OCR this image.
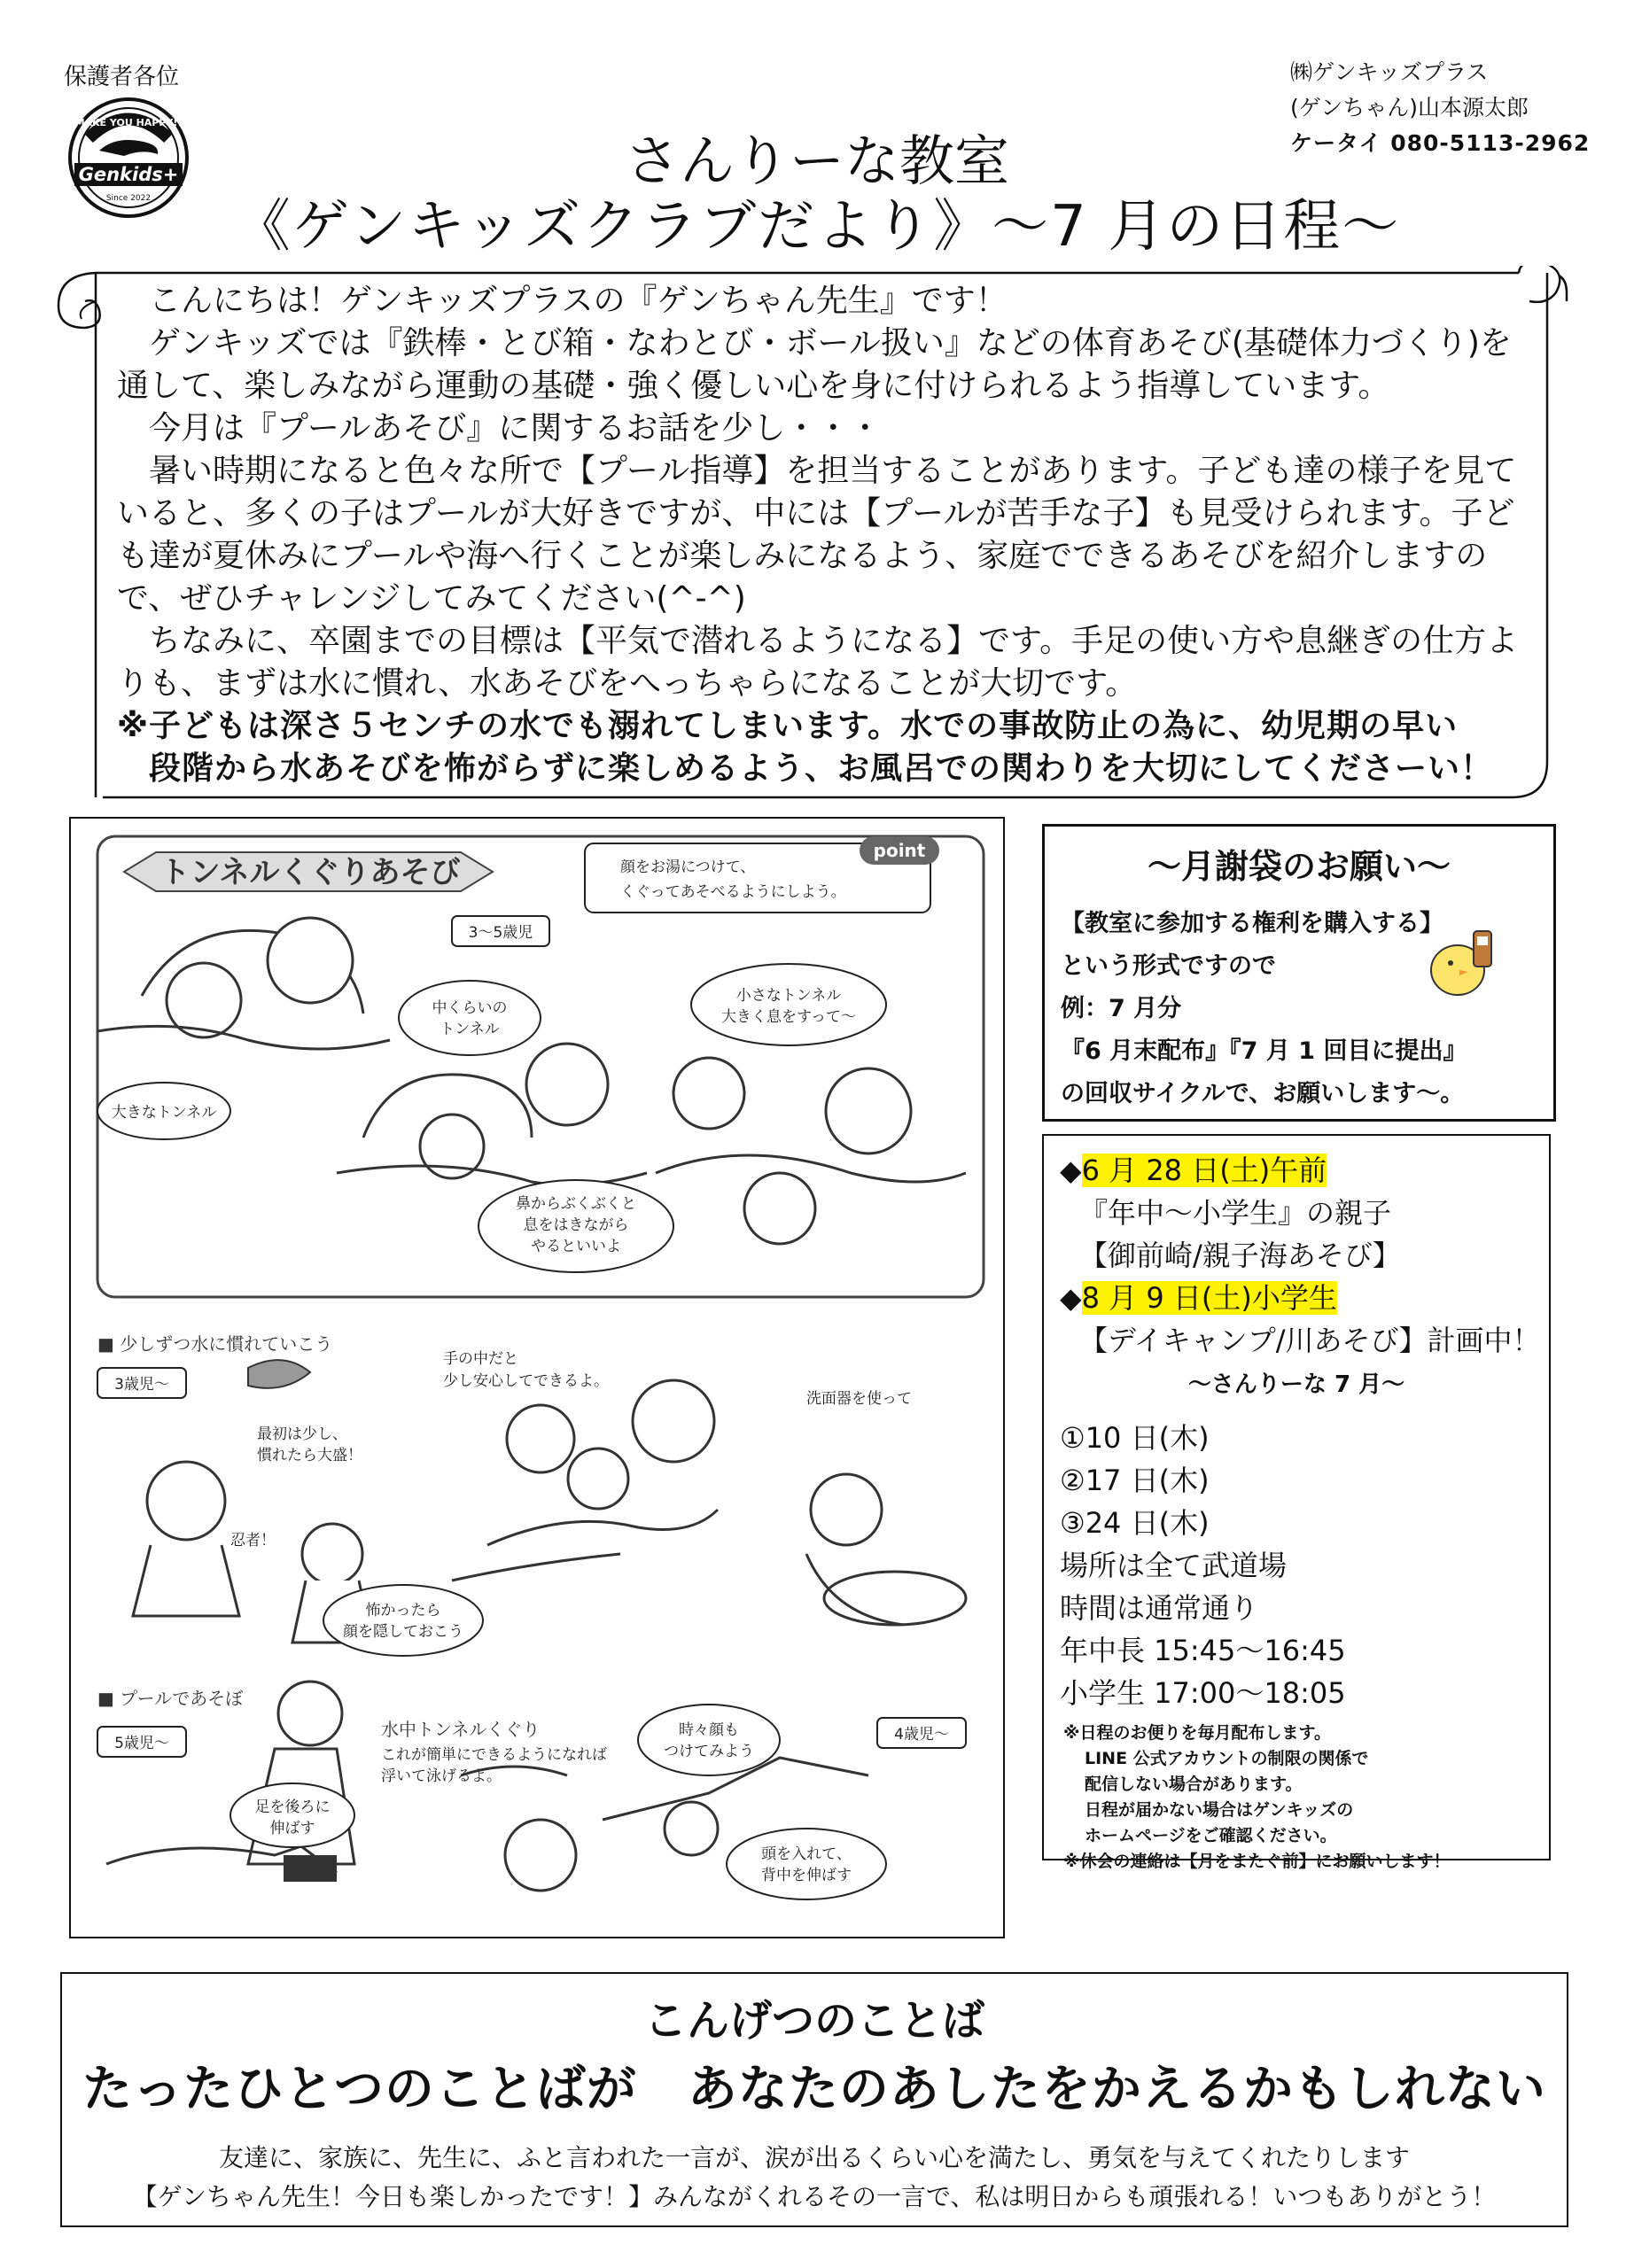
保護者各位
MAKE YOU HAPPY!!
Genkids+
Since 2022
㈱ゲンキッズプラス
(ゲンちゃん)山本源太郎
ケータイ 080-5113-2962
さんりーな教室
《ゲンキッズクラブだより》～7 月の日程～

こんにちは！ゲンキッズプラスの『ゲンちゃん先生』です！

ゲンキッズでは『鉄棒・とび箱・なわとび・ボール扱い』などの体育あそび(基礎体力づくり)を通して、楽しみながら運動の基礎・強く優しい心を身に付けられるよう指導しています。

今月は『プールあそび』に関するお話を少し・・・

暑い時期になると色々な所で【プール指導】を担当することがあります。子ども達の様子を見ていると、多くの子はプールが大好きですが、中には【プールが苦手な子】も見受けられます。子ども達が夏休みにプールや海へ行くことが楽しみになるよう、家庭でできるあそびを紹介しますので、ぜひチャレンジしてみてください(^-^)

ちなみに、卒園までの目標は【平気で潜れるようになる】です。手足の使い方や息継ぎの仕方よりも、まずは水に慣れ、水あそびをへっちゃらになることが大切です。

※子どもは深さ５センチの水でも溺れてしまいます。水での事故防止の為に、幼児期の早い

段階から水あそびを怖がらずに楽しめるよう、お風呂での関わりを大切にしてくださーい！

トンネルくぐりあそび	顔をお湯につけて、
くぐってあそべるようにしよう。
point
3～5歳児
大きなトンネル
中くらいの
トンネル
小さなトンネル
大きく息をすって～
鼻からぶくぶくと
息をはきながら
やるといいよ
■ 少しずつ水に慣れていこう
3歳児～
最初は少し、
慣れたら大盛！
忍者！
怖かったら
顔を隠しておこう
手の中だと
少し安心してできるよ。
洗面器を使って
■ プールであそぼ
5歳児～	4歳児～
水中トンネルくぐり
これが簡単にできるようになれば
浮いて泳げるよ。
足を後ろに
伸ばす
時々顔も
つけてみよう
頭を入れて、
背中を伸ばす
～月謝袋のお願い～
【教室に参加する権利を購入する】
という形式ですので
例：7 月分
『6 月末配布』『7 月 1 回目に提出』
の回収サイクルで、お願いします～。
◆6 月 28 日(土)午前
『年中～小学生』の親子
【御前崎/親子海あそび】
◆8 月 9 日(土)小学生
【デイキャンプ/川あそび】計画中！
～さんりーな 7 月～
①10 日(木)
②17 日(木)
③24 日(木)
場所は全て武道場
時間は通常通り
年中長 15:45～16:45
小学生 17:00～18:05
※日程のお便りを毎月配布します。
LINE 公式アカウントの制限の関係で
配信しない場合があります。
日程が届かない場合はゲンキッズの
ホームページをご確認ください。
※休会の連絡は【月をまたぐ前】にお願いします！
こんげつのことば
たったひとつのことばが　あなたのあしたをかえるかもしれない
友達に、家族に、先生に、ふと言われた一言が、涙が出るくらい心を満たし、勇気を与えてくれたりします
【ゲンちゃん先生！今日も楽しかったです！】みんながくれるその一言で、私は明日からも頑張れる！いつもありがとう！
